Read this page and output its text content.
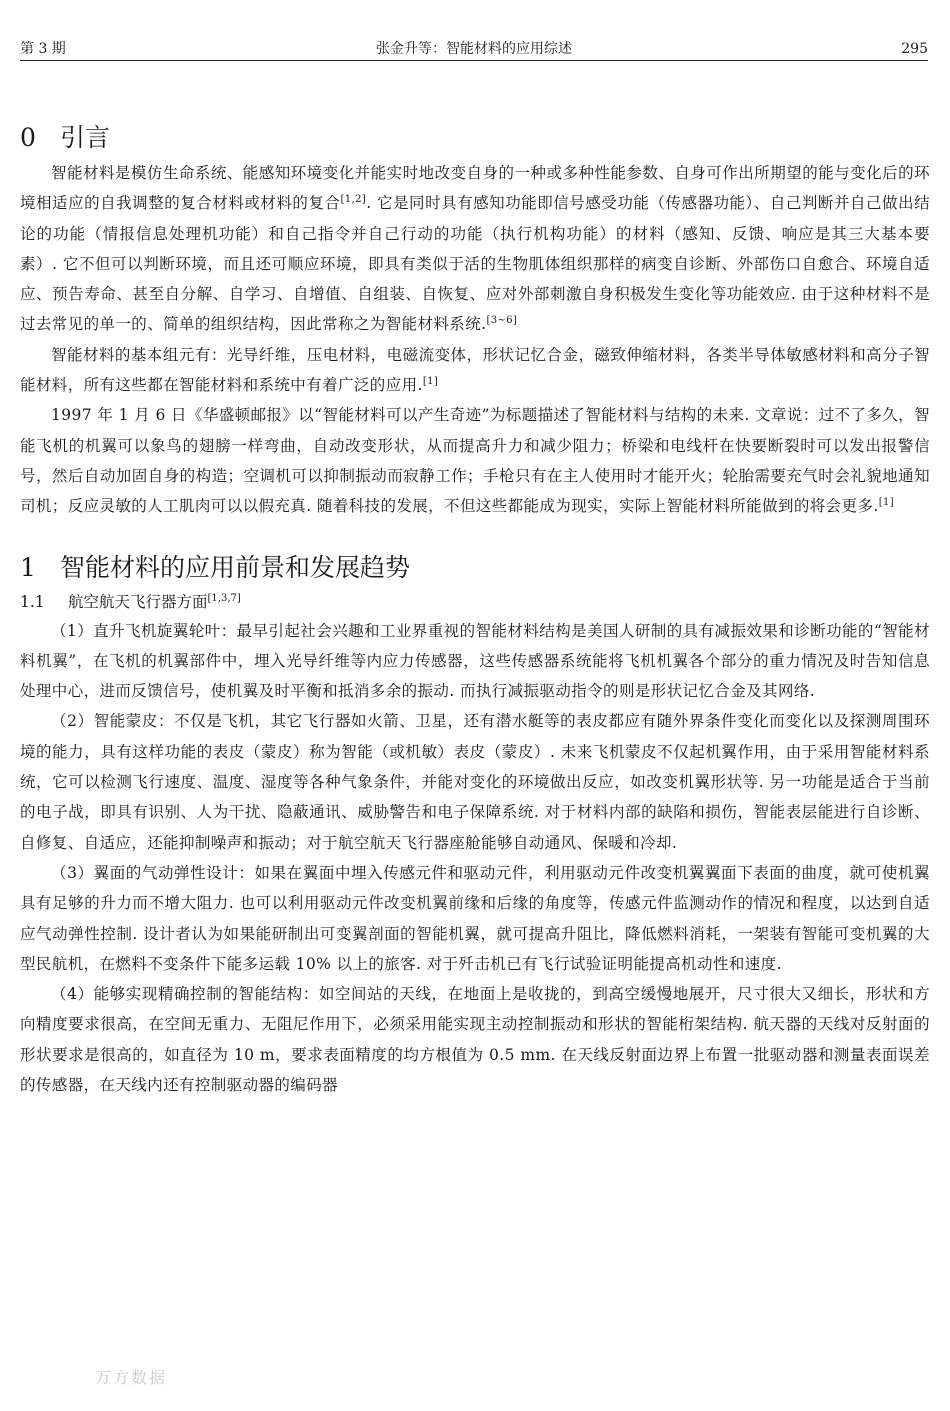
第 3 期	张金升等：智能材料的应用综述	295
0 引言

智能材料是模仿生命系统、能感知环境变化并能实时地改变自身的一种或多种性能参数、自身可作出所期望的能与变化后的环境相适应的自我调整的复合材料或材料的复合[1,2]. 它是同时具有感知功能即信号感受功能（传感器功能）、自己判断并自己做出结论的功能（情报信息处理机功能）和自己指令并自己行动的功能（执行机构功能）的材料（感知、反馈、响应是其三大基本要素）. 它不但可以判断环境，而且还可顺应环境，即具有类似于活的生物肌体组织那样的病变自诊断、外部伤口自愈合、环境自适应、预告寿命、甚至自分解、自学习、自增值、自组装、自恢复、应对外部刺激自身积极发生变化等功能效应. 由于这种材料不是过去常见的单一的、简单的组织结构，因此常称之为智能材料系统.[3~6]

智能材料的基本组元有：光导纤维，压电材料，电磁流变体，形状记忆合金，磁致伸缩材料，各类半导体敏感材料和高分子智能材料，所有这些都在智能材料和系统中有着广泛的应用.[1]

1997 年 1 月 6 日《华盛顿邮报》以“智能材料可以产生奇迹”为标题描述了智能材料与结构的未来. 文章说：过不了多久，智能飞机的机翼可以象鸟的翅膀一样弯曲，自动改变形状，从而提高升力和减少阻力；桥梁和电线杆在快要断裂时可以发出报警信号，然后自动加固自身的构造；空调机可以抑制振动而寂静工作；手枪只有在主人使用时才能开火；轮胎需要充气时会礼貌地通知司机；反应灵敏的人工肌肉可以以假充真. 随着科技的发展，不但这些都能成为现实，实际上智能材料所能做到的将会更多.[1]

1 智能材料的应用前景和发展趋势
1.1 航空航天飞行器方面[1,3,7]

（1）直升飞机旋翼轮叶：最早引起社会兴趣和工业界重视的智能材料结构是美国人研制的具有减振效果和诊断功能的“智能材料机翼”，在飞机的机翼部件中，埋入光导纤维等内应力传感器，这些传感器系统能将飞机机翼各个部分的重力情况及时告知信息处理中心，进而反馈信号，使机翼及时平衡和抵消多余的振动. 而执行减振驱动指令的则是形状记忆合金及其网络.

（2）智能蒙皮：不仅是飞机，其它飞行器如火箭、卫星，还有潜水艇等的表皮都应有随外界条件变化而变化以及探测周围环境的能力，具有这样功能的表皮（蒙皮）称为智能（或机敏）表皮（蒙皮）. 未来飞机蒙皮不仅起机翼作用，由于采用智能材料系统，它可以检测飞行速度、温度、湿度等各种气象条件，并能对变化的环境做出反应，如改变机翼形状等. 另一功能是适合于当前的电子战，即具有识别、人为干扰、隐蔽通讯、威胁警告和电子保障系统. 对于材料内部的缺陷和损伤，智能表层能进行自诊断、自修复、自适应，还能抑制噪声和振动；对于航空航天飞行器座舱能够自动通风、保暖和冷却.

（3）翼面的气动弹性设计：如果在翼面中埋入传感元件和驱动元件，利用驱动元件改变机翼翼面下表面的曲度，就可使机翼具有足够的升力而不增大阻力. 也可以利用驱动元件改变机翼前缘和后缘的角度等，传感元件监测动作的情况和程度，以达到自适应气动弹性控制. 设计者认为如果能研制出可变翼剖面的智能机翼，就可提高升阻比，降低燃料消耗，一架装有智能可变机翼的大型民航机，在燃料不变条件下能多运载 10% 以上的旅客. 对于歼击机已有飞行试验证明能提高机动性和速度.

（4）能够实现精确控制的智能结构：如空间站的天线，在地面上是收拢的，到高空缓慢地展开，尺寸很大又细长，形状和方向精度要求很高，在空间无重力、无阻尼作用下，必须采用能实现主动控制振动和形状的智能桁架结构. 航天器的天线对反射面的形状要求是很高的，如直径为 10 m，要求表面精度的均方根值为 0.5 mm. 在天线反射面边界上布置一批驱动器和测量表面误差的传感器，在天线内还有控制驱动器的编码器

万方数据
